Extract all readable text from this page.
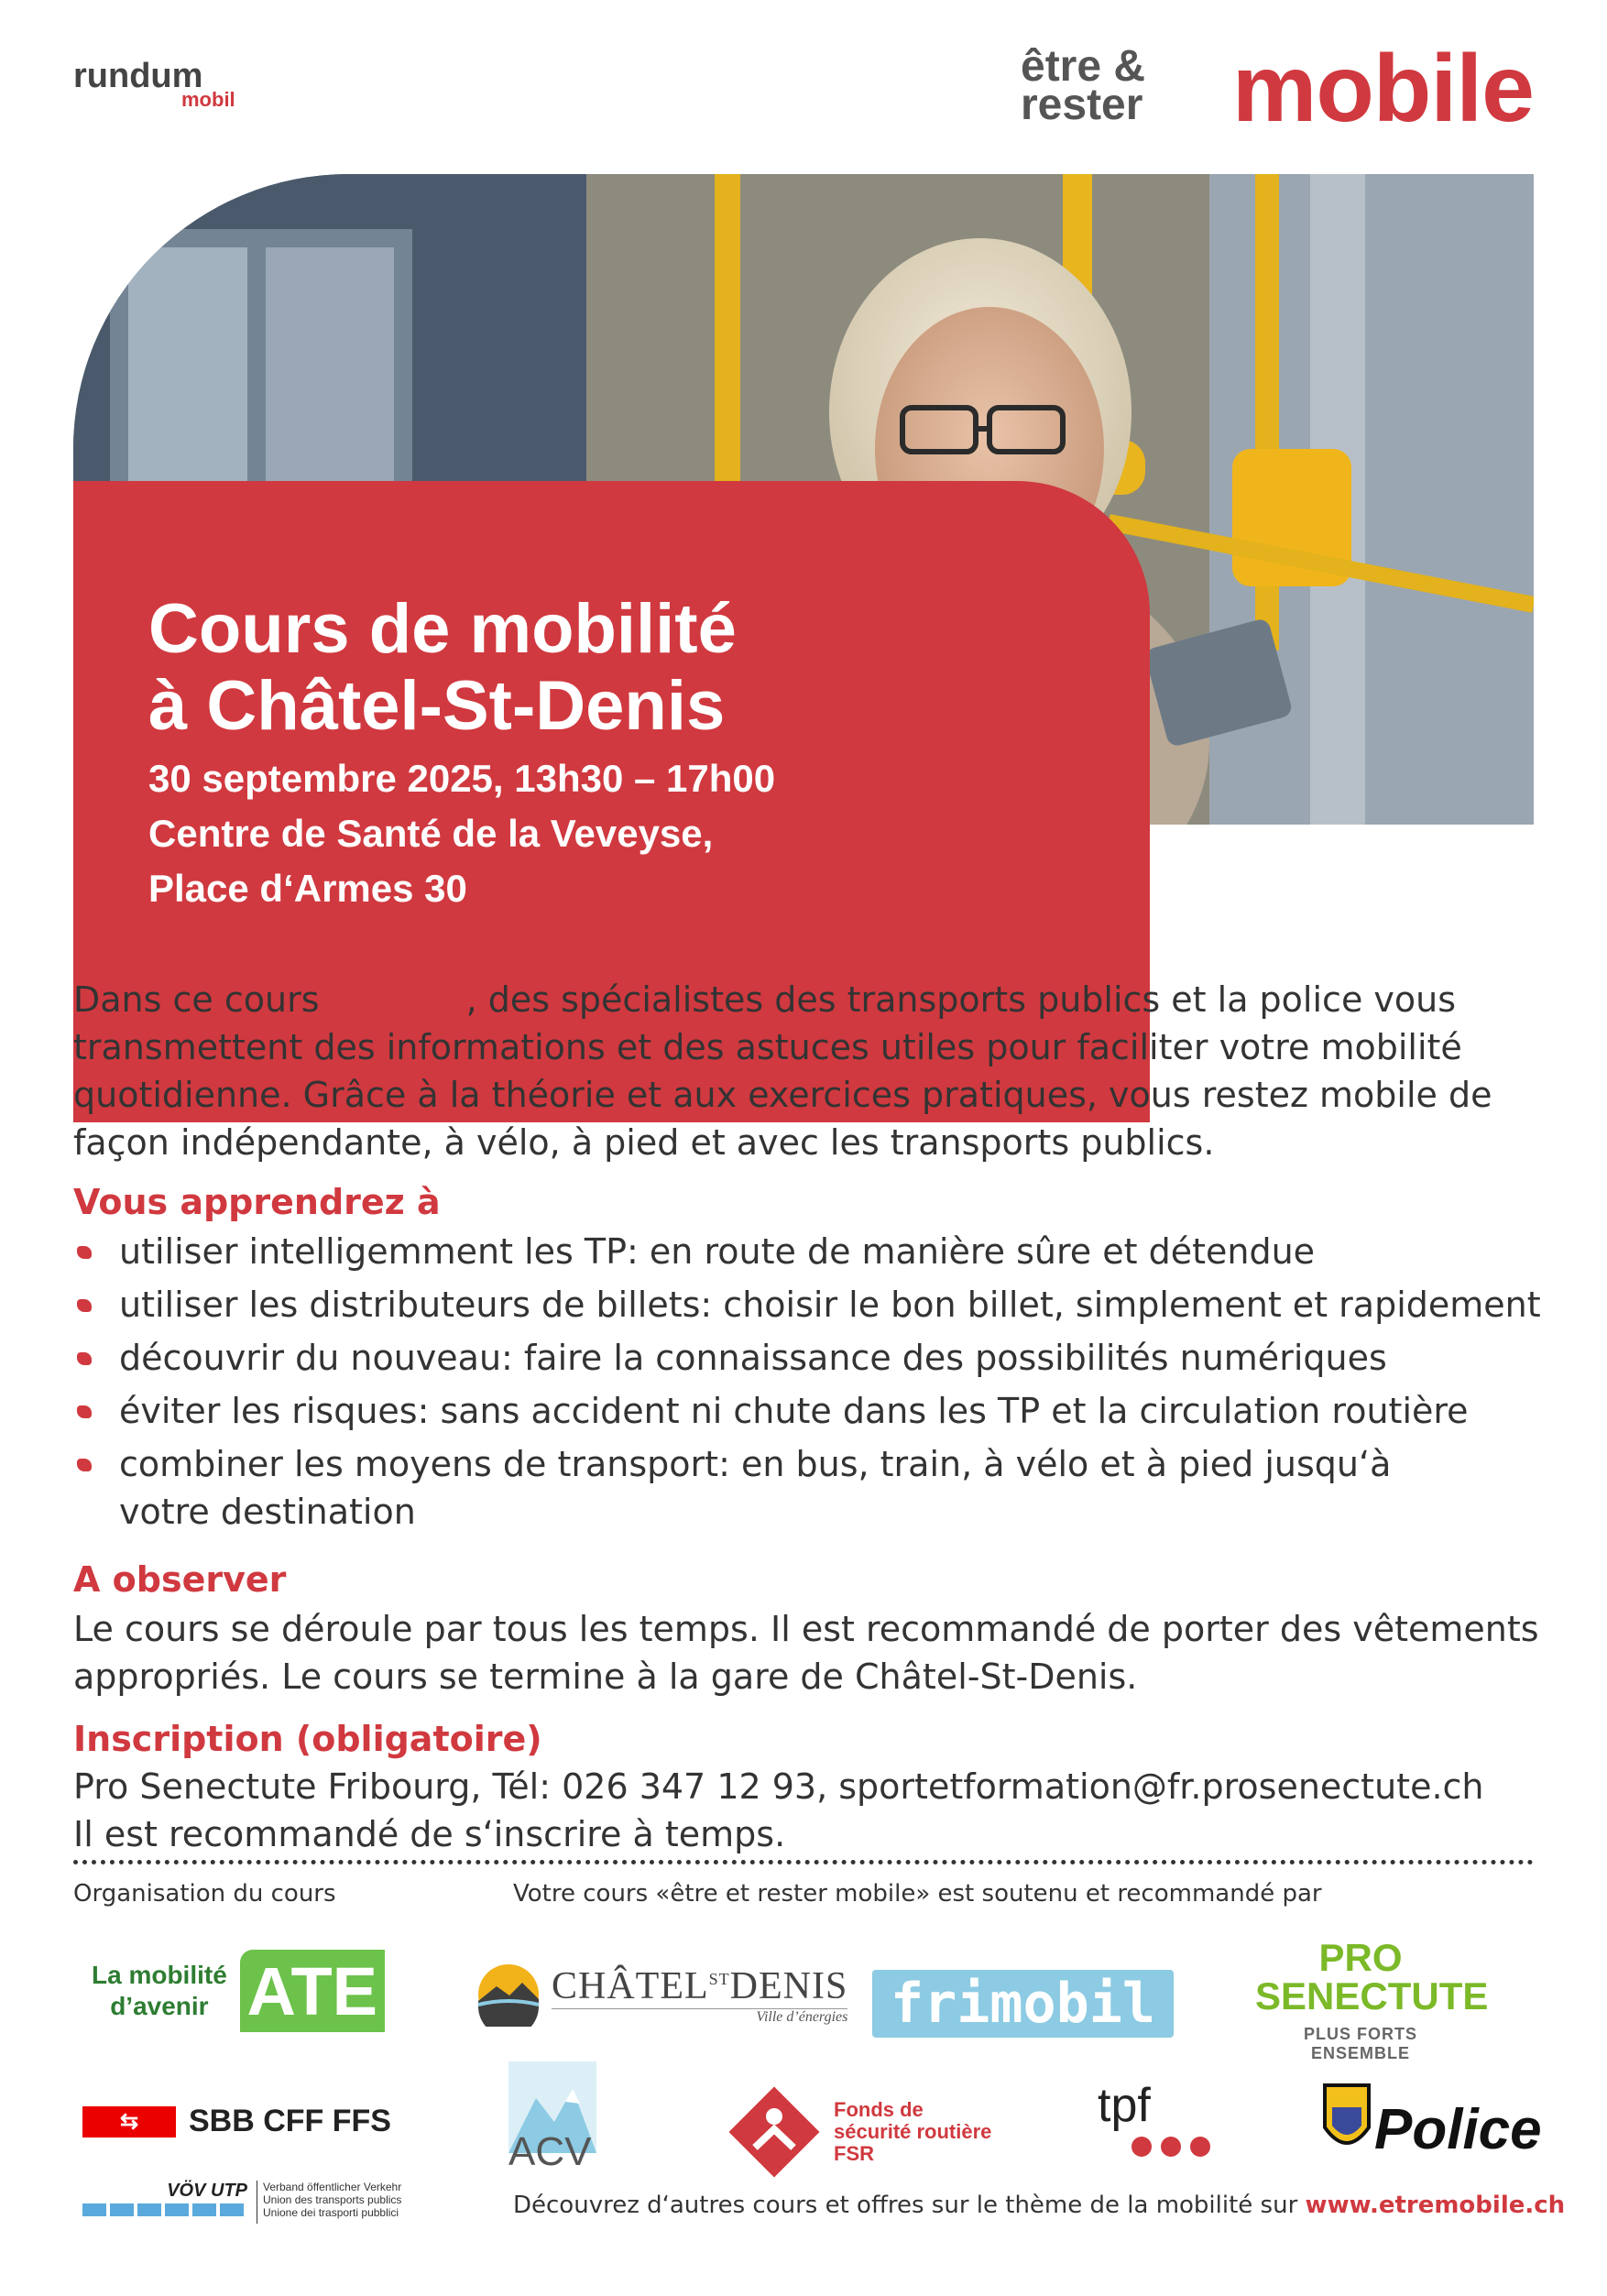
rundum
mobil
être &
rester mobile
Cours de mobilité
à Châtel-St-Denis
30 septembre 2025, 13h30 – 17h00
Centre de Santé de la Veveyse,
Place d‘Armes 30
Dans ce cours gratuit, des spécialistes des transports publics et la police vous transmettent des informations et des astuces utiles pour faciliter votre mobilité quotidienne. Grâce à la théorie et aux exercices pratiques, vous restez mobile de façon indépendante, à vélo, à pied et avec les transports publics.
Vous apprendrez à
utiliser intelligemment les TP: en route de manière sûre et détendue
utiliser les distributeurs de billets: choisir le bon billet, simplement et rapidement
découvrir du nouveau: faire la connaissance des possibilités numériques
éviter les risques: sans accident ni chute dans les TP et la circulation routière
combiner les moyens de transport: en bus, train, à vélo et à pied jusqu‘à votre destination
A observer
Le cours se déroule par tous les temps. Il est recommandé de porter des vêtements appropriés. Le cours se termine à la gare de Châtel-St-Denis.
Inscription (obligatoire)
Pro Senectute Fribourg, Tél: 026 347 12 93, sportetformation@fr.prosenectute.ch
Il est recommandé de s‘inscrire à temps.
Organisation du cours	Votre cours «être et rester mobile» est soutenu et recommandé par
La mobilité
d’avenir ATE	$CHÂTEL^{ST}DENIS$
Ville d’énergies frimobil
PRO
SENECTUTE
PLUS FORTS ENSEMBLE
⇆	SBB CFF FFS
ACV
Fonds de
sécurité routière
FSR
tpf	Police
VÖV UTP Verband öffentlicher Verkehr
Union des transports publics
Unione dei trasporti pubblici	Découvrez d‘autres cours et offres sur le thème de la mobilité sur www.etremobile.ch
